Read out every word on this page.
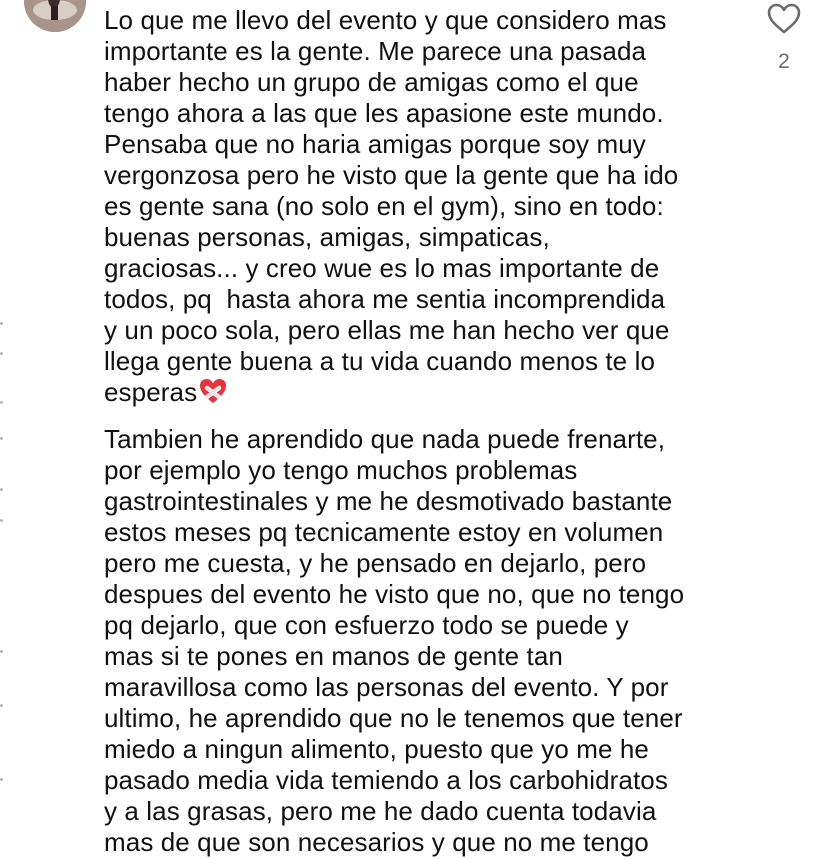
Lo que me llevo del evento y que considero mas
importante es la gente. Me parece una pasada
haber hecho un grupo de amigas como el que
tengo ahora a las que les apasione este mundo.
Pensaba que no haria amigas porque soy muy
vergonzosa pero he visto que la gente que ha ido
es gente sana (no solo en el gym), sino en todo:
buenas personas, amigas, simpaticas,
graciosas... y creo wue es lo mas importante de
todos, pq  hasta ahora me sentia incomprendida
y un poco sola, pero ellas me han hecho ver que
llega gente buena a tu vida cuando menos te lo
esperas

Tambien he aprendido que nada puede frenarte,
por ejemplo yo tengo muchos problemas
gastrointestinales y me he desmotivado bastante
estos meses pq tecnicamente estoy en volumen
pero me cuesta, y he pensado en dejarlo, pero
despues del evento he visto que no, que no tengo
pq dejarlo, que con esfuerzo todo se puede y
mas si te pones en manos de gente tan
maravillosa como las personas del evento. Y por
ultimo, he aprendido que no le tenemos que tener
miedo a ningun alimento, puesto que yo me he
pasado media vida temiendo a los carbohidratos
y a las grasas, pero me he dado cuenta todavia
mas de que son necesarios y que no me tengo

2
